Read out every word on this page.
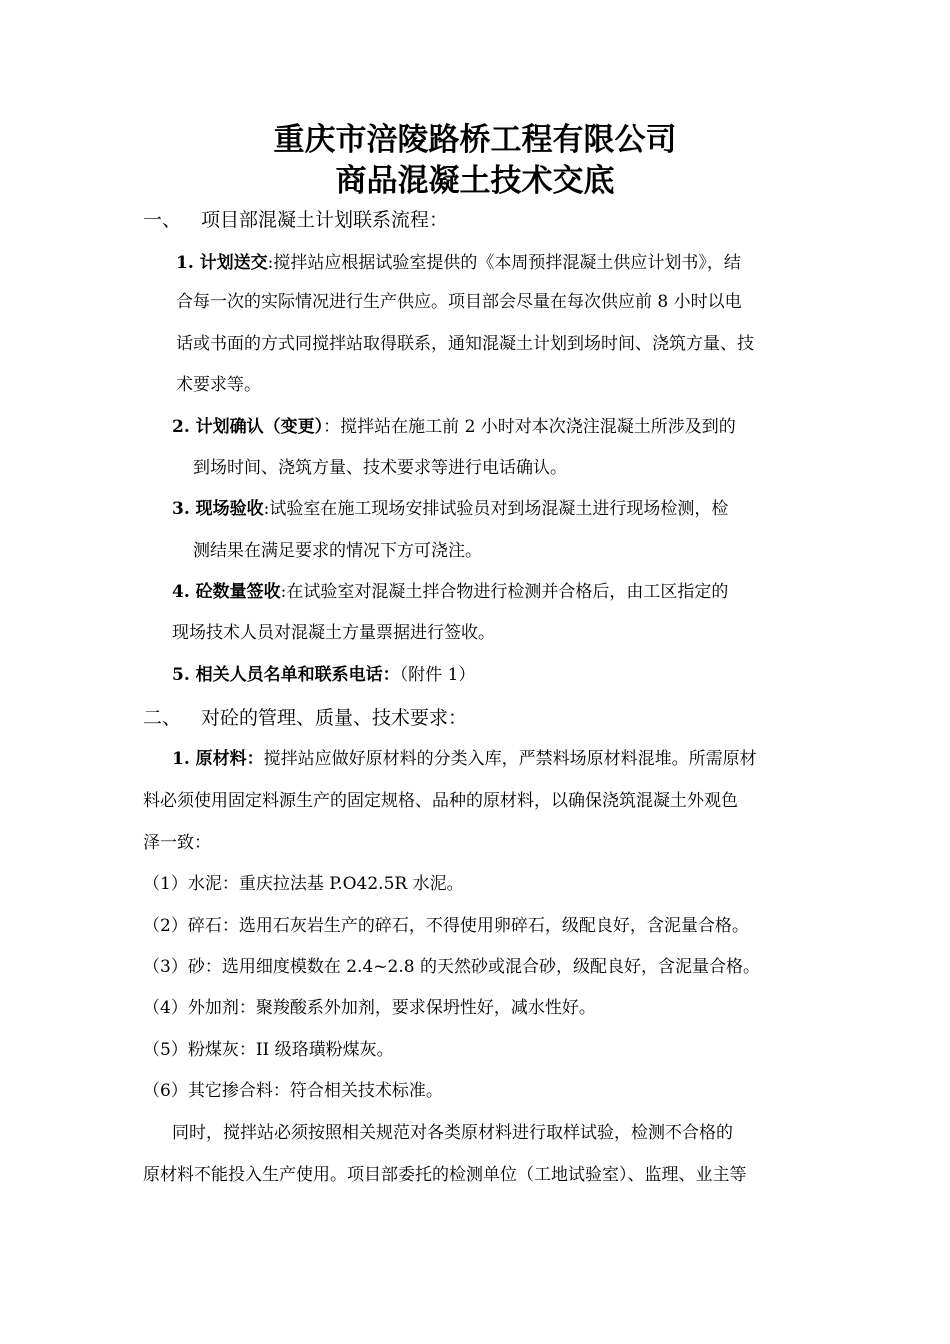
重庆市涪陵路桥工程有限公司
商品混凝土技术交底
一、 项目部混凝土计划联系流程：
1. 计划送交:搅拌站应根据试验室提供的《本周预拌混凝土供应计划书》，结
合每一次的实际情况进行生产供应。项目部会尽量在每次供应前 8 小时以电
话或书面的方式同搅拌站取得联系，通知混凝土计划到场时间、浇筑方量、技
术要求等。
2. 计划确认（变更）：搅拌站在施工前 2 小时对本次浇注混凝土所涉及到的
到场时间、浇筑方量、技术要求等进行电话确认。
3. 现场验收:试验室在施工现场安排试验员对到场混凝土进行现场检测，检
测结果在满足要求的情况下方可浇注。
4. 砼数量签收:在试验室对混凝土拌合物进行检测并合格后，由工区指定的
现场技术人员对混凝土方量票据进行签收。
5. 相关人员名单和联系电话：（附件 1）
二、 对砼的管理、质量、技术要求：
1. 原材料：搅拌站应做好原材料的分类入库，严禁料场原材料混堆。所需原材
料必须使用固定料源生产的固定规格、品种的原材料，以确保浇筑混凝土外观色
泽一致：
（1）水泥：重庆拉法基 P.O42.5R 水泥。
（2）碎石：选用石灰岩生产的碎石，不得使用卵碎石，级配良好，含泥量合格。
（3）砂：选用细度模数在 2.4~2.8 的天然砂或混合砂，级配良好，含泥量合格。
（4）外加剂：聚羧酸系外加剂，要求保坍性好，减水性好。
（5）粉煤灰：II 级珞璜粉煤灰。
（6）其它掺合料：符合相关技术标准。
同时，搅拌站必须按照相关规范对各类原材料进行取样试验，检测不合格的
原材料不能投入生产使用。项目部委托的检测单位（工地试验室）、监理、业主等
